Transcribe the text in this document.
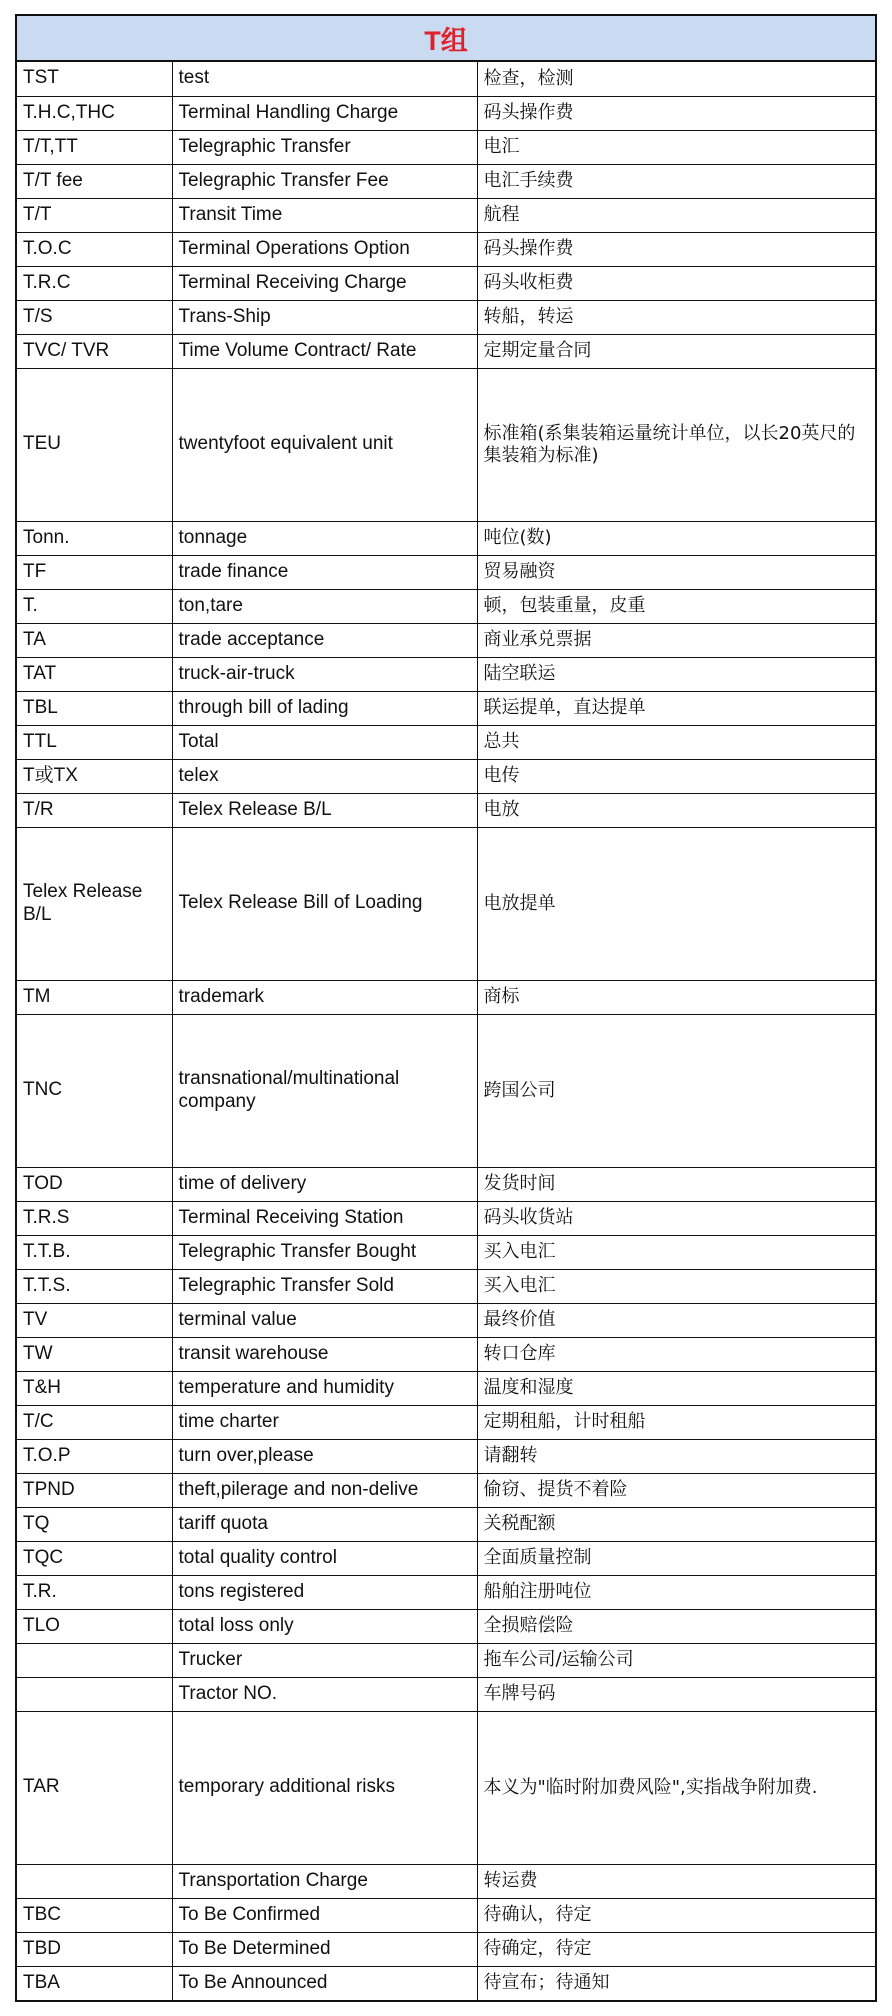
T组
TST	test	检查，检测
T.H.C,THC	Terminal Handling Charge	码头操作费
T/T,TT	Telegraphic Transfer	电汇
T/T fee	Telegraphic Transfer Fee	电汇手续费
T/T	Transit Time	航程
T.O.C	Terminal Operations Option	码头操作费
T.R.C	Terminal Receiving Charge	码头收柜费
T/S	Trans-Ship	转船，转运
TVC/ TVR	Time Volume Contract/ Rate	定期定量合同
TEU	twentyfoot equivalent unit	标准箱(系集装箱运量统计单位，以长20英尺的集装箱为标准)
Tonn.	tonnage	吨位(数)
TF	trade finance	贸易融资
T.	ton,tare	顿，包装重量，皮重
TA	trade acceptance	商业承兑票据
TAT	truck-air-truck	陆空联运
TBL	through bill of lading	联运提单，直达提单
TTL	Total	总共
T或TX	telex	电传
T/R	Telex Release B/L	电放
Telex Release B/L	Telex Release Bill of Loading	电放提单
TM	trademark	商标
TNC	transnational/multinational company	跨国公司
TOD	time of delivery	发货时间
T.R.S	Terminal Receiving Station	码头收货站
T.T.B.	Telegraphic Transfer Bought	买入电汇
T.T.S.	Telegraphic Transfer Sold	买入电汇
TV	terminal value	最终价值
TW	transit warehouse	转口仓库
T&H	temperature and humidity	温度和湿度
T/C	time charter	定期租船，计时租船
T.O.P	turn over,please	请翻转
TPND	theft,pilerage and non-delive	偷窃、提货不着险
TQ	tariff quota	关税配额
TQC	total quality control	全面质量控制
T.R.	tons registered	船舶注册吨位
TLO	total loss only	全损赔偿险
	Trucker	拖车公司/运输公司
	Tractor NO.	车牌号码
TAR	temporary additional risks	本义为"临时附加费风险",实指战争附加费.
	Transportation Charge	转运费
TBC	To Be Confirmed	待确认，待定
TBD	To Be Determined	待确定，待定
TBA	To Be Announced	待宣布；待通知
